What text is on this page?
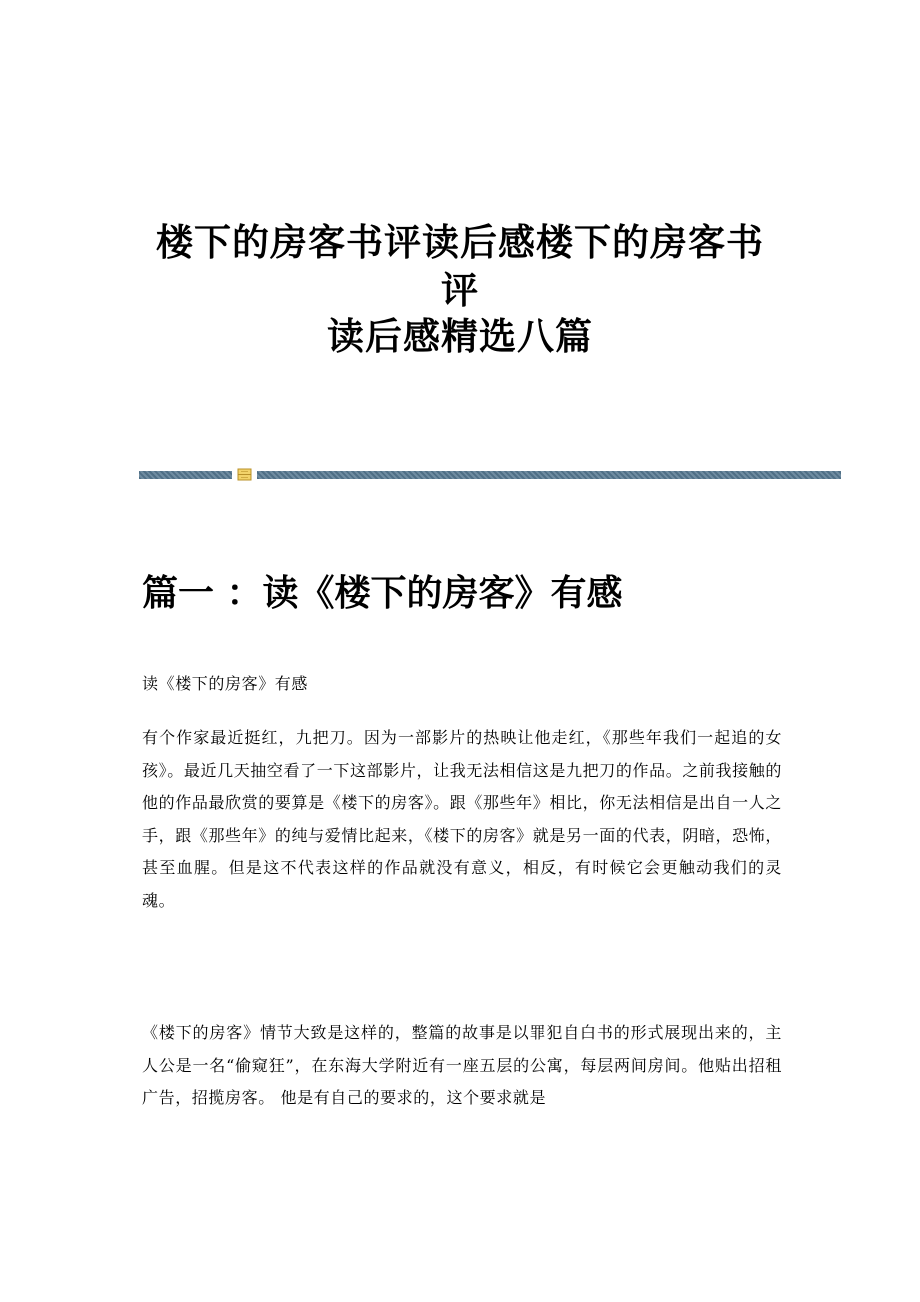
楼下的房客书评读后感楼下的房客书评
读后感精选八篇
篇一 ：读《楼下的房客》有感

读《楼下的房客》有感

有个作家最近挺红，九把刀。因为一部影片的热映让他走红，《那些年我们一起追的女孩》。最近几天抽空看了一下这部影片，让我无法相信这是九把刀的作品。之前我接触的他的作品最欣赏的要算是《楼下的房客》。跟《那些年》相比，你无法相信是出自一人之手，跟《那些年》的纯与爱情比起来，《楼下的房客》就是另一面的代表，阴暗，恐怖，甚至血腥。但是这不代表这样的作品就没有意义，相反，有时候它会更触动我们的灵魂。

《楼下的房客》情节大致是这样的，整篇的故事是以罪犯自白书的形式展现出来的，主人公是一名“偷窥狂”，在东海大学附近有一座五层的公寓，每层两间房间。他贴出招租广告，招揽房客。 他是有自己的要求的，这个要求就是
